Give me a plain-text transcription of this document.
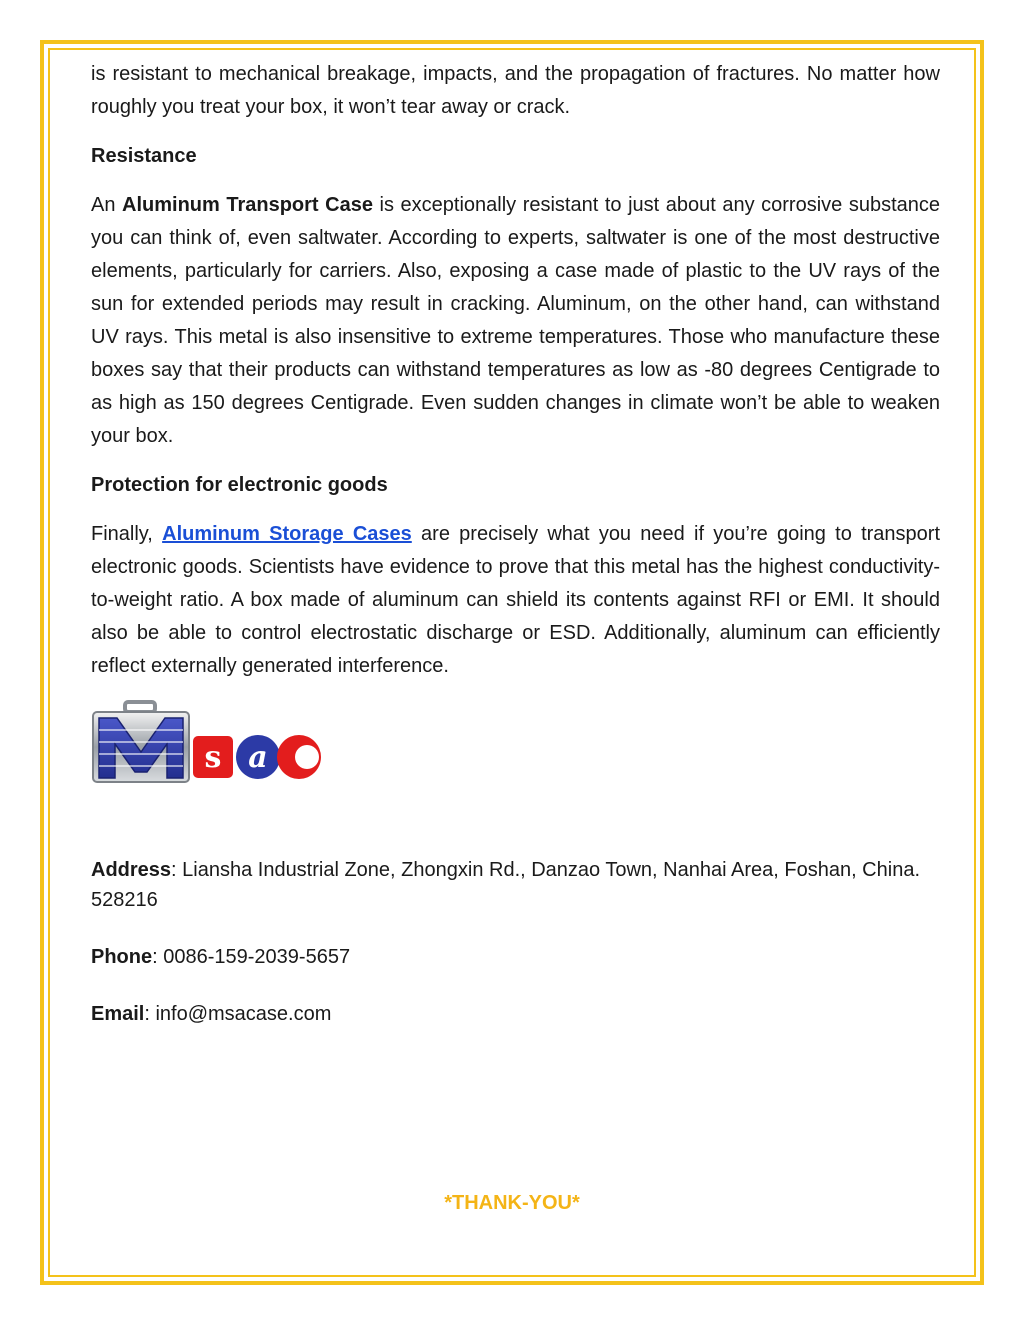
is resistant to mechanical breakage, impacts, and the propagation of fractures. No matter how roughly you treat your box, it won’t tear away or crack.

Resistance

An Aluminum Transport Case is exceptionally resistant to just about any corrosive substance you can think of, even saltwater. According to experts, saltwater is one of the most destructive elements, particularly for carriers. Also, exposing a case made of plastic to the UV rays of the sun for extended periods may result in cracking. Aluminum, on the other hand, can withstand UV rays. This metal is also insensitive to extreme temperatures. Those who manufacture these boxes say that their products can withstand temperatures as low as -80 degrees Centigrade to as high as 150 degrees Centigrade. Even sudden changes in climate won’t be able to weaken your box.

Protection for electronic goods

Finally, Aluminum Storage Cases are precisely what you need if you’re going to transport electronic goods. Scientists have evidence to prove that this metal has the highest conductivity-to-weight ratio. A box made of aluminum can shield its contents against RFI or EMI. It should also be able to control electrostatic discharge or ESD. Additionally, aluminum can efficiently reflect externally generated interference.

s a

Address: Liansha Industrial Zone, Zhongxin Rd., Danzao Town, Nanhai Area, Foshan, China. 528216

Phone: 0086-159-2039-5657

Email: info@msacase.com

*THANK-YOU*
